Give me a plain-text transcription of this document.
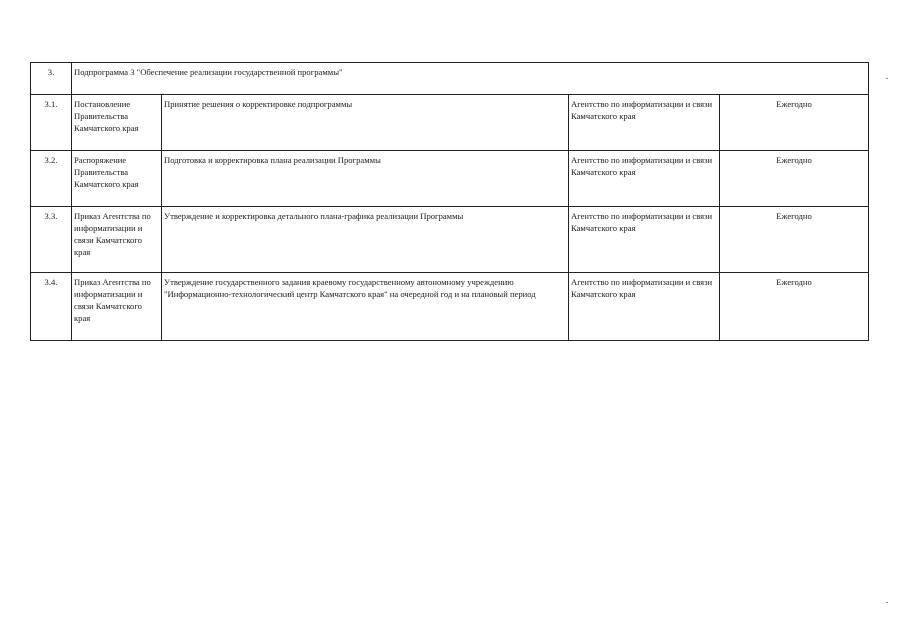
3.	Подпрограмма 3 "Обеспечение реализации государственной программы"			
3.1.	Постановление Правительства Камчатского края	Принятие решения о корректировке подпрограммы	Агентство по информатизации и связи Камчатского края	Ежегодно
3.2.	Распоряжение Правительства Камчатского края	Подготовка и корректировка плана реализации Программы	Агентство по информатизации и связи Камчатского края	Ежегодно
3.3.	Приказ Агентства по информатизации и связи Камчатского края	Утверждение и корректировка детального плана-графика реализации Программы	Агентство по информатизации и связи Камчатского края	Ежегодно
3.4.	Приказ Агентства по информатизации и связи Камчатского края	Утверждение государственного задания краевому государственному автономному учреждению "Информационно-технологический центр Камчатского края" на очередной год и на плановый период	Агентство по информатизации и связи Камчатского края	Ежегодно
